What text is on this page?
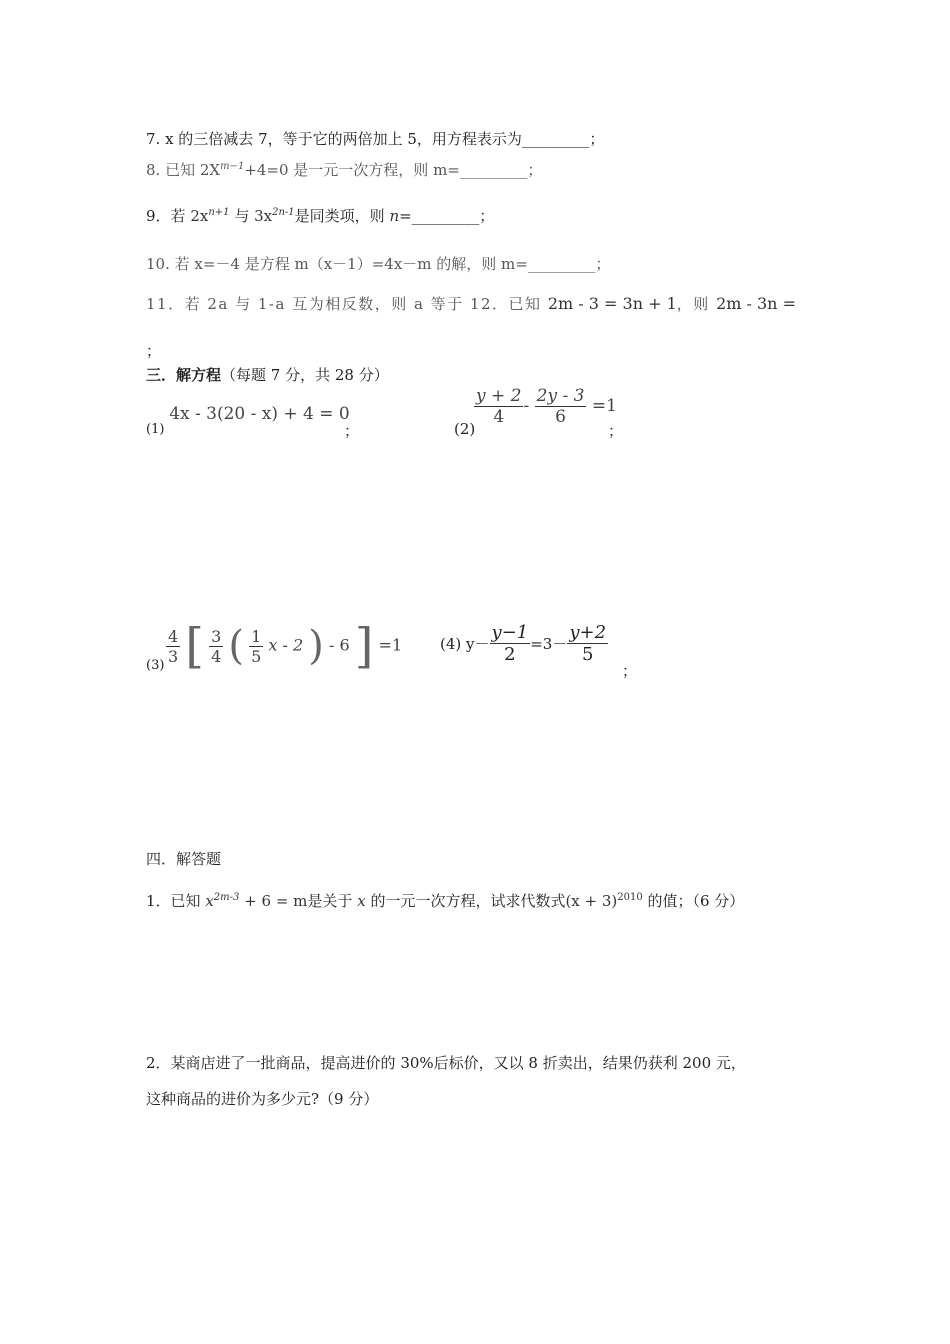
7. x 的三倍减去 7，等于它的两倍加上 5，用方程表示为_________；
8. 已知 $2X^{m-1}+4=0$ 是一元一次方程，则 m=_________；
9．若 $2x^{n+1}$ 与 $3x^{2n-1}$是同类项，则 n=_________；
10. 若 x=－4 是方程 m（x－1）=4x－m 的解，则 m=_________；
11．若 2a 与 1-a 互为相反数，则 a 等于 12．已知 2m - 3 = 3n + 1，则 2m - 3n =
；
三．解方程（每题 7 分，共 28 分）
(1) 4x - 3(20 - x) + 4 = 0
；	(2)
$\frac{y + 2}{4} - \frac{2y - 3}{6} =1$
；
$(3) \frac{4}{3}$ [ $\frac{3}{4}$ ( $\frac{1}{5}$ x - 2 ) - 6 ] =1	(4) $y- \frac{y-1}{2} =3- \frac{y+2}{5}$
；
四．解答题
1．已知 $x^{2m-3} + 6 = m$是关于 x 的一元一次方程，试求代数式$(x + 3)^{2010}$ 的值；（6 分）
2．某商店进了一批商品，提高进价的 30%后标价，又以 8 折卖出，结果仍获利 200 元，
这种商品的进价为多少元?（9 分）
